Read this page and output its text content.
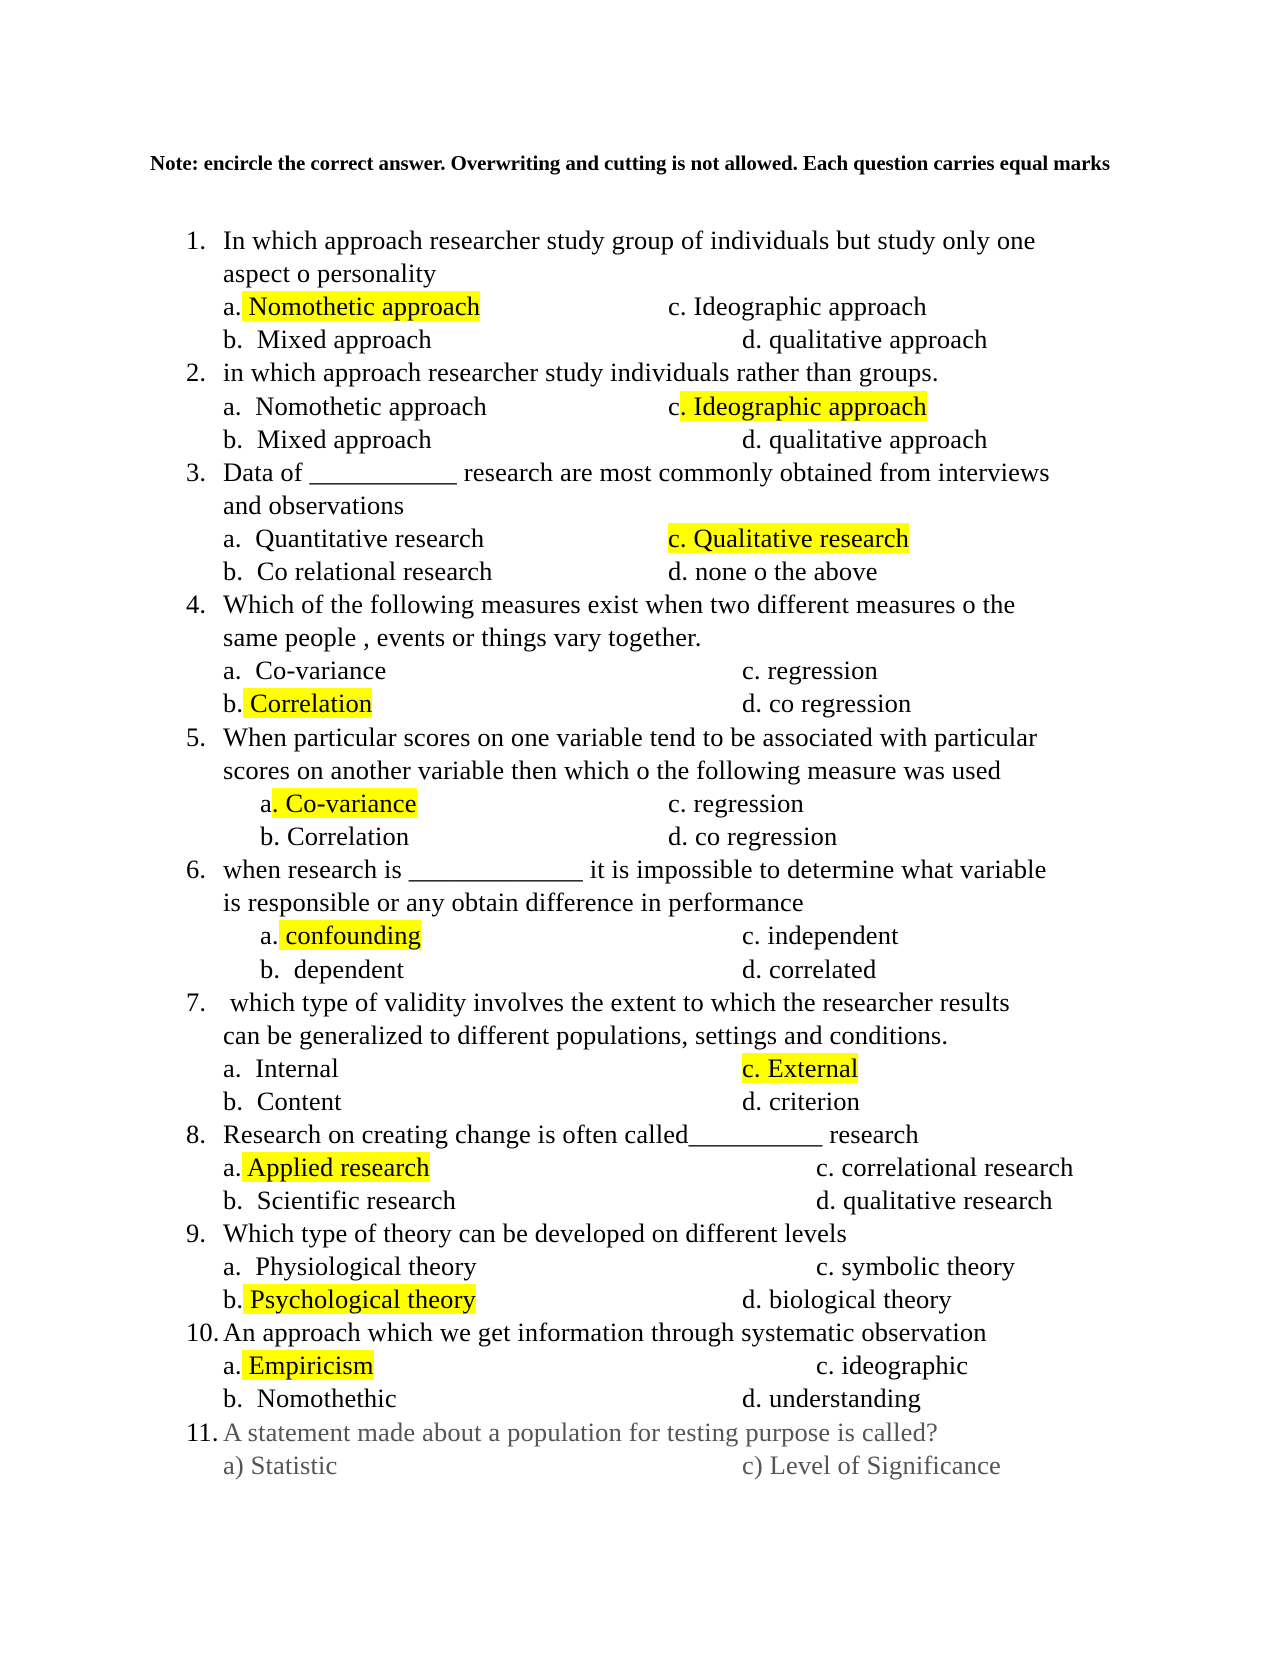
Note: encircle the correct answer. Overwriting and cutting is not allowed. Each question carries equal marks
1. In which approach researcher study group of individuals but study only one
aspect o personality
a. Nomothetic approach	c. Ideographic approach
b.  Mixed approach	d. qualitative approach
2. in which approach researcher study individuals rather than groups.
a.  Nomothetic approach	c. Ideographic approach
b.  Mixed approach	d. qualitative approach
3. Data of ___________ research are most commonly obtained from interviews
and observations
a.  Quantitative research	c. Qualitative research
b.  Co relational research	d. none o the above
4. Which of the following measures exist when two different measures o the
same people , events or things vary together.
a.  Co-variance	c. regression
b. Correlation	d. co regression
5. When particular scores on one variable tend to be associated with particular
scores on another variable then which o the following measure was used
a. Co-variance	c. regression
b. Correlation	d. co regression
6. when research is _____________ it is impossible to determine what variable
is responsible or any obtain difference in performance
a. confounding	c. independent
b.  dependent	d. correlated
7. which type of validity involves the extent to which the researcher results
can be generalized to different populations, settings and conditions.
a.  Internal	c. External
b.  Content	d. criterion
8. Research on creating change is often called__________ research
a. Applied research	c. correlational research
b.  Scientific research	d. qualitative research
9. Which type of theory can be developed on different levels
a.  Physiological theory	c. symbolic theory
b. Psychological theory	d. biological theory
10. An approach which we get information through systematic observation
a. Empiricism	c. ideographic
b.  Nomothethic	d. understanding
11. A statement made about a population for testing purpose is called?
a) Statistic	c) Level of Significance
